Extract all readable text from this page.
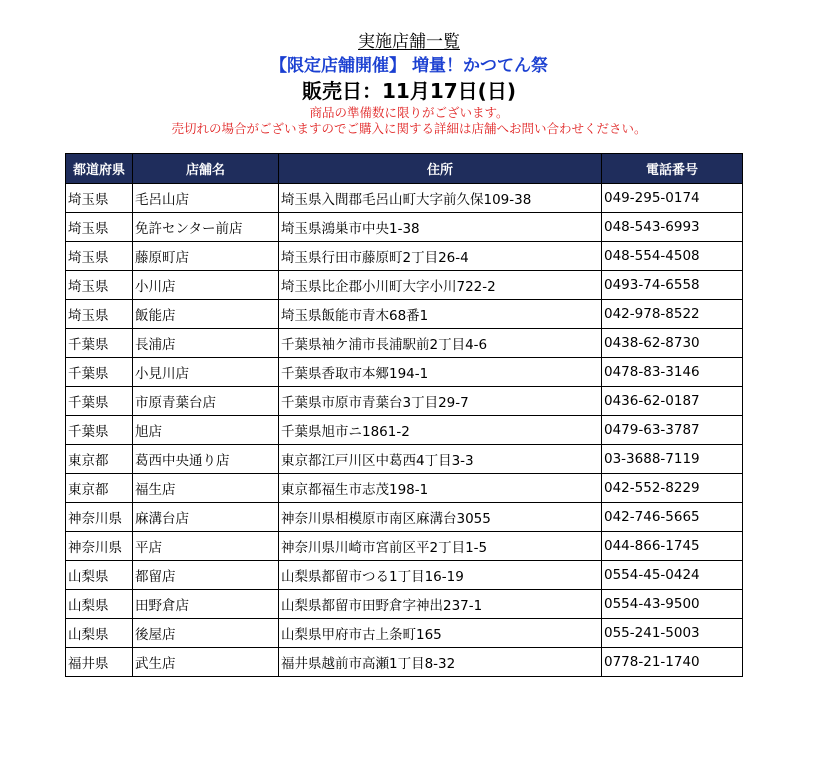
実施店舗一覧
【限定店舗開催】 増量！かつてん祭
販売日：11月17日(日)
商品の準備数に限りがございます。
売切れの場合がございますのでご購入に関する詳細は店舗へお問い合わせください。
都道府県	店舗名	住所	電話番号
埼玉県	毛呂山店	埼玉県入間郡毛呂山町大字前久保109-38	049-295-0174
埼玉県	免許センター前店	埼玉県鴻巣市中央1-38	048-543-6993
埼玉県	藤原町店	埼玉県行田市藤原町2丁目26-4	048-554-4508
埼玉県	小川店	埼玉県比企郡小川町大字小川722-2	0493-74-6558
埼玉県	飯能店	埼玉県飯能市青木68番1	042-978-8522
千葉県	長浦店	千葉県袖ケ浦市長浦駅前2丁目4-6	0438-62-8730
千葉県	小見川店	千葉県香取市本郷194-1	0478-83-3146
千葉県	市原青葉台店	千葉県市原市青葉台3丁目29-7	0436-62-0187
千葉県	旭店	千葉県旭市ニ1861-2	0479-63-3787
東京都	葛西中央通り店	東京都江戸川区中葛西4丁目3-3	03-3688-7119
東京都	福生店	東京都福生市志茂198-1	042-552-8229
神奈川県	麻溝台店	神奈川県相模原市南区麻溝台3055	042-746-5665
神奈川県	平店	神奈川県川崎市宮前区平2丁目1-5	044-866-1745
山梨県	都留店	山梨県都留市つる1丁目16-19	0554-45-0424
山梨県	田野倉店	山梨県都留市田野倉字神出237-1	0554-43-9500
山梨県	後屋店	山梨県甲府市古上条町165	055-241-5003
福井県	武生店	福井県越前市高瀬1丁目8-32	0778-21-1740
